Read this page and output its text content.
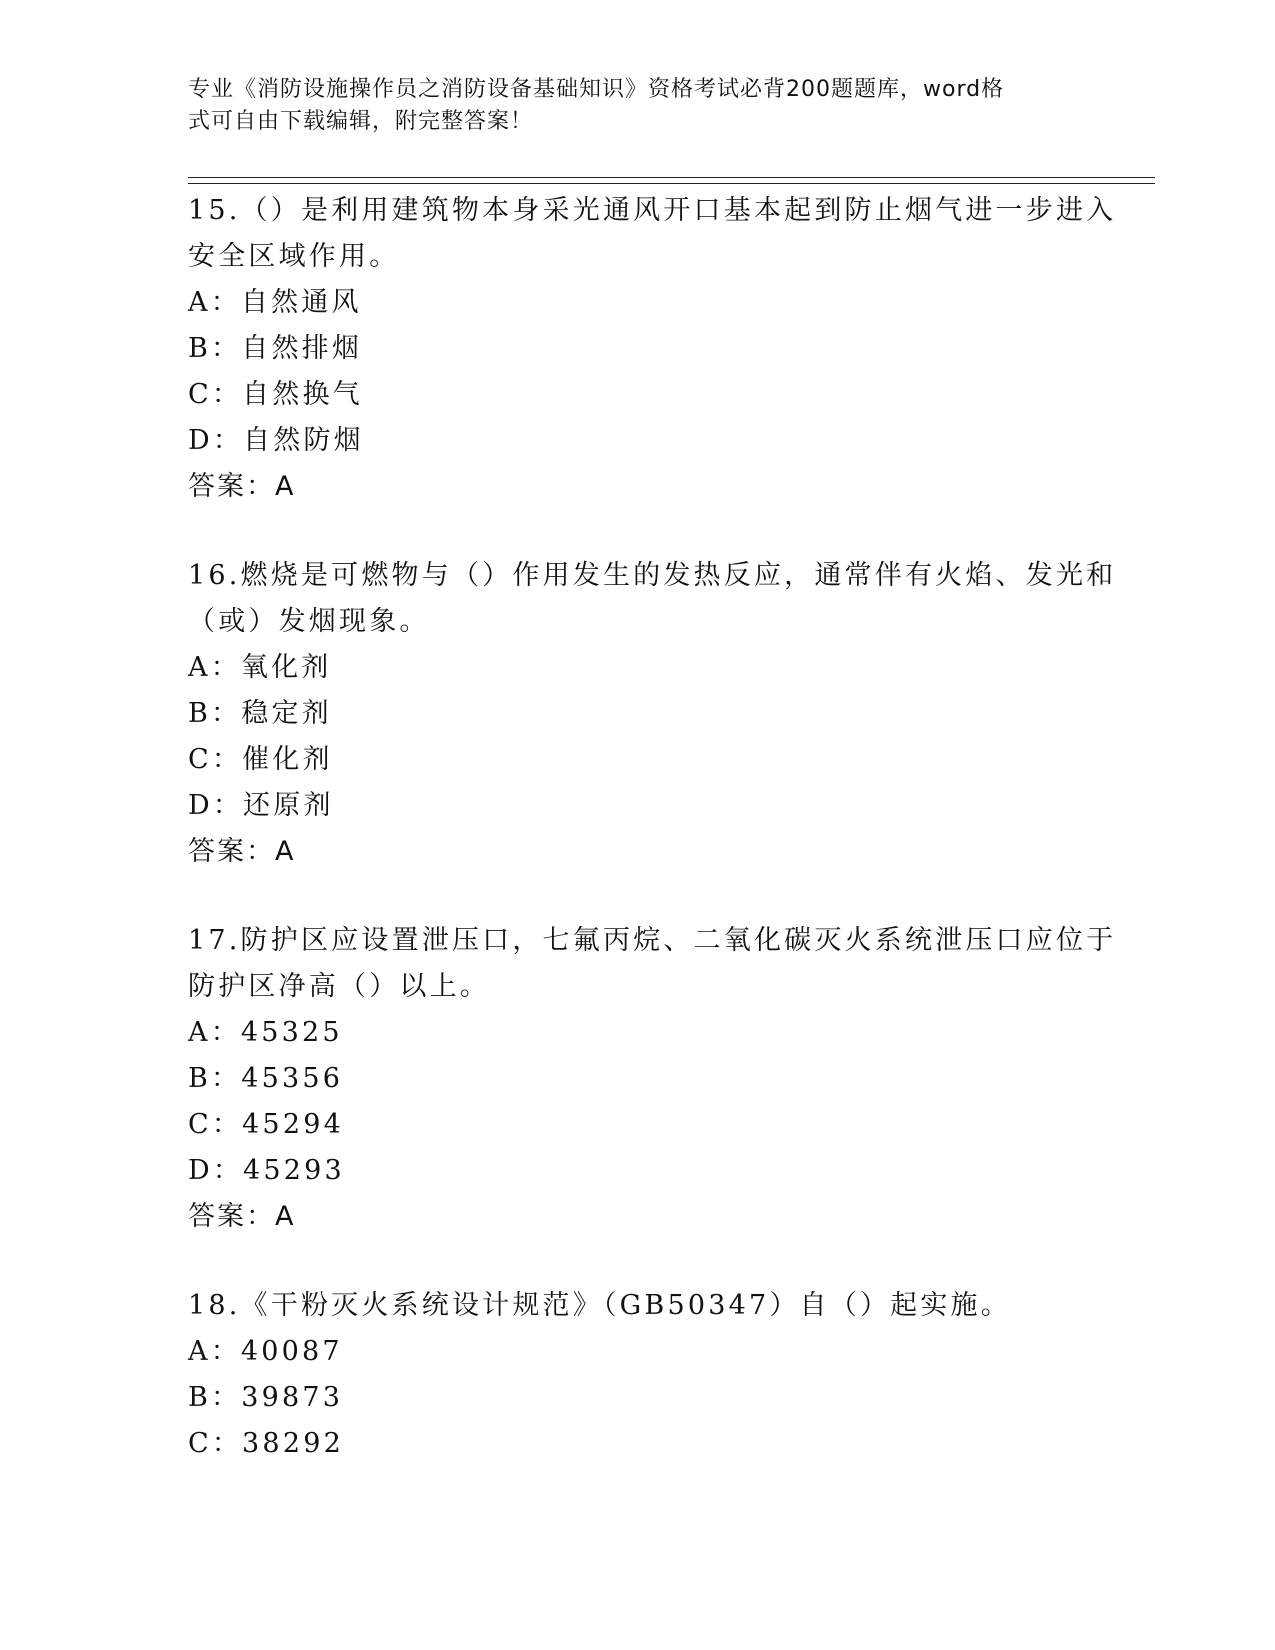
专业《消防设施操作员之消防设备基础知识》资格考试必背200题题库，word格
式可自由下载编辑，附完整答案！
15.（）是利用建筑物本身采光通风开口基本起到防止烟气进一步进入
安全区域作用。
A：自然通风
B：自然排烟
C：自然换气
D：自然防烟
答案：A
16.燃烧是可燃物与（）作用发生的发热反应，通常伴有火焰、发光和
（或）发烟现象。
A：氧化剂
B：稳定剂
C：催化剂
D：还原剂
答案：A
17.防护区应设置泄压口，七氟丙烷、二氧化碳灭火系统泄压口应位于
防护区净高（）以上。
A：45325
B：45356
C：45294
D：45293
答案：A
18.《干粉灭火系统设计规范》（GB50347）自（）起实施。
A：40087
B：39873
C：38292
